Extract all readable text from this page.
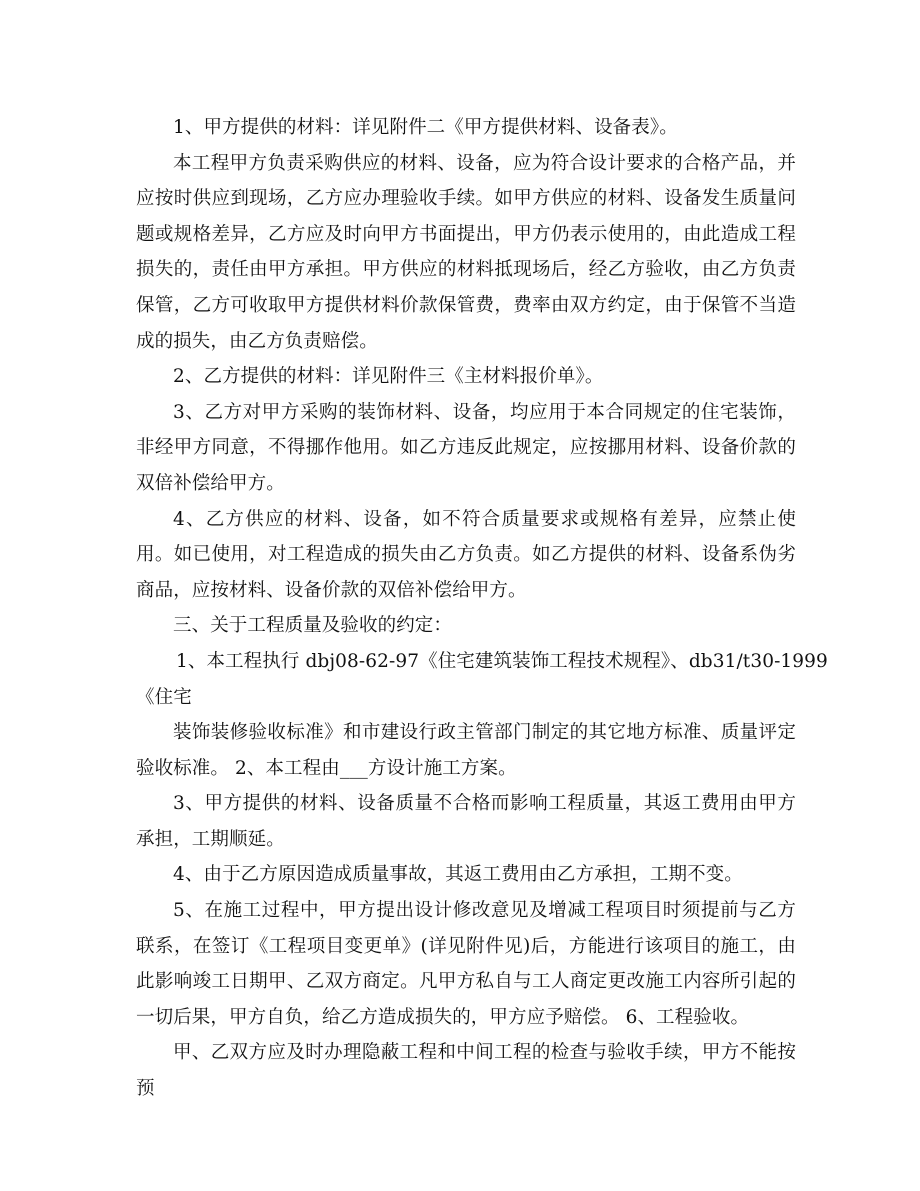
1、甲方提供的材料：详见附件二《甲方提供材料、设备表》。

本工程甲方负责采购供应的材料、设备，应为符合设计要求的合格产品，并应按时供应到现场，乙方应办理验收手续。如甲方供应的材料、设备发生质量问题或规格差异，乙方应及时向甲方书面提出，甲方仍表示使用的，由此造成工程损失的，责任由甲方承担。甲方供应的材料抵现场后，经乙方验收，由乙方负责保管，乙方可收取甲方提供材料价款保管费，费率由双方约定，由于保管不当造成的损失，由乙方负责赔偿。

2、乙方提供的材料：详见附件三《主材料报价单》。

3、乙方对甲方采购的装饰材料、设备，均应用于本合同规定的住宅装饰，非经甲方同意，不得挪作他用。如乙方违反此规定，应按挪用材料、设备价款的双倍补偿给甲方。

4、乙方供应的材料、设备，如不符合质量要求或规格有差异，应禁止使用。如已使用，对工程造成的损失由乙方负责。如乙方提供的材料、设备系伪劣商品，应按材料、设备价款的双倍补偿给甲方。

三、关于工程质量及验收的约定：

1、本工程执行 dbj08-62-97《住宅建筑装饰工程技术规程》、db31/t30-1999
《住宅

装饰装修验收标准》和市建设行政主管部门制定的其它地方标准、质量评定验收标准。 2、本工程由___方设计施工方案。

3、甲方提供的材料、设备质量不合格而影响工程质量，其返工费用由甲方承担，工期顺延。

4、由于乙方原因造成质量事故，其返工费用由乙方承担，工期不变。

5、在施工过程中，甲方提出设计修改意见及增减工程项目时须提前与乙方联系，在签订《工程项目变更单》(详见附件见)后，方能进行该项目的施工，由此影响竣工日期甲、乙双方商定。凡甲方私自与工人商定更改施工内容所引起的一切后果，甲方自负，给乙方造成损失的，甲方应予赔偿。 6、工程验收。

甲、乙双方应及时办理隐蔽工程和中间工程的检查与验收手续，甲方不能按预
